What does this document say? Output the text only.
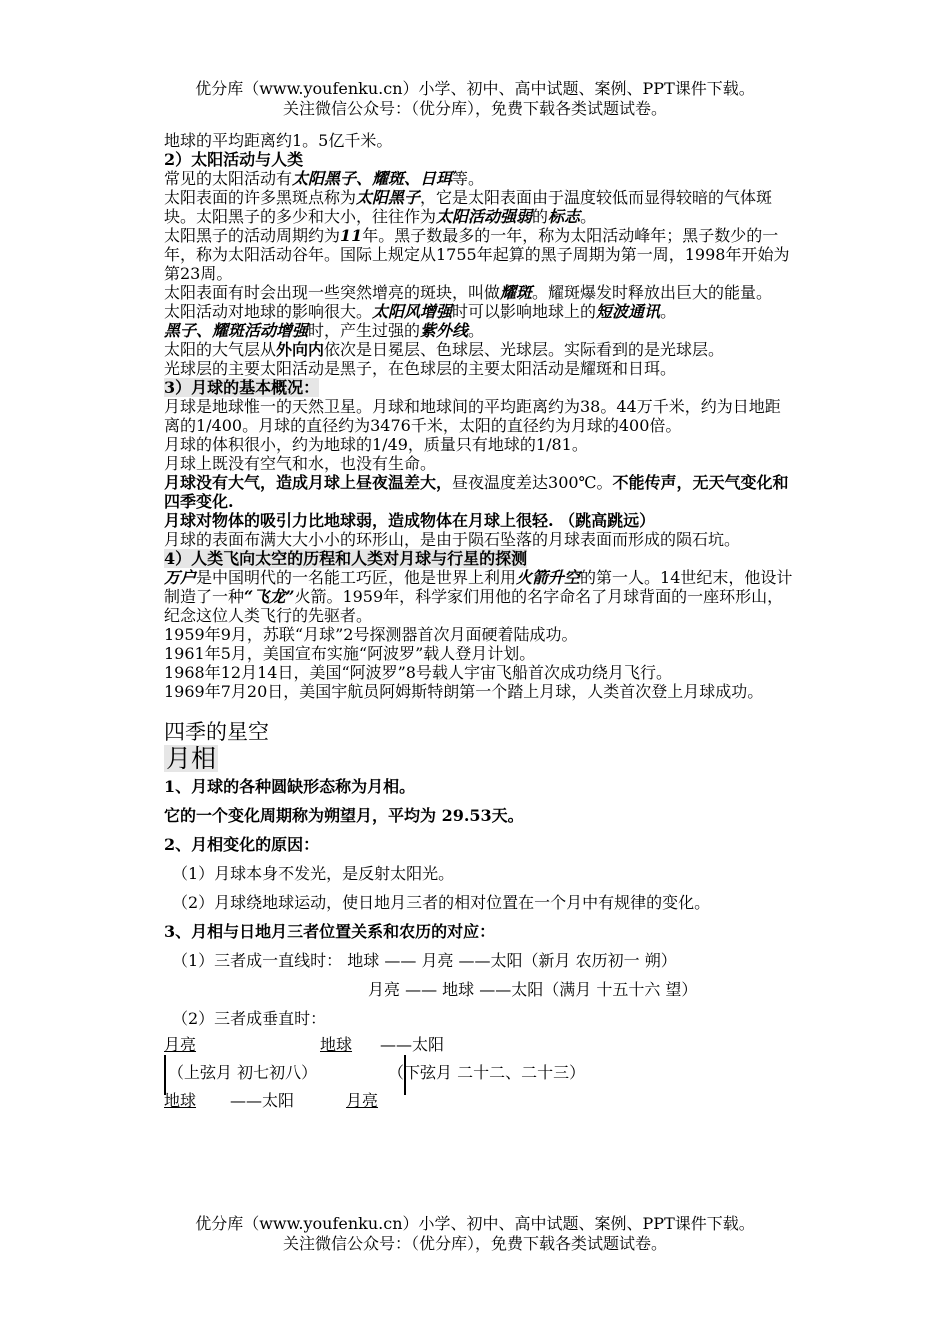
优分库（www.youfenku.cn）小学、初中、高中试题、案例、PPT课件下载。
关注微信公众号：（优分库），免费下载各类试题试卷。

地球的平均距离约1。5亿千米。

2）太阳活动与人类

常见的太阳活动有太阳黑子、耀斑、日珥等。

太阳表面的许多黑斑点称为太阳黑子，它是太阳表面由于温度较低而显得较暗的气体斑块。太阳黑子的多少和大小，往往作为太阳活动强弱的标志。

太阳黑子的活动周期约为11年。黑子数最多的一年，称为太阳活动峰年；黑子数少的一年，称为太阳活动谷年。国际上规定从1755年起算的黑子周期为第一周，1998年开始为第23周。

太阳表面有时会出现一些突然增亮的斑块，叫做耀斑。耀斑爆发时释放出巨大的能量。

太阳活动对地球的影响很大。太阳风增强时可以影响地球上的短波通讯。

黑子、耀斑活动增强时，产生过强的紫外线。

太阳的大气层从外向内依次是日冕层、色球层、光球层。实际看到的是光球层。

光球层的主要太阳活动是黑子，在色球层的主要太阳活动是耀斑和日珥。

3）月球的基本概况：

月球是地球惟一的天然卫星。月球和地球间的平均距离约为38。44万千米，约为日地距离的1/400。月球的直径约为3476千米，太阳的直径约为月球的400倍。

月球的体积很小，约为地球的1/49，质量只有地球的1/81。

月球上既没有空气和水，也没有生命。

月球没有大气，造成月球上昼夜温差大，昼夜温度差达300℃。不能传声，无天气变化和四季变化.

月球对物体的吸引力比地球弱，造成物体在月球上很轻. （跳高跳远）

月球的表面布满大大小小的环形山，是由于陨石坠落的月球表面而形成的陨石坑。

4）人类飞向太空的历程和人类对月球与行星的探测

万户是中国明代的一名能工巧匠，他是世界上利用火箭升空的第一人。14世纪末，他设计制造了一种“飞龙”火箭。1959年，科学家们用他的名字命名了月球背面的一座环形山，纪念这位人类飞行的先驱者。

1959年9月，苏联“月球”2号探测器首次月面硬着陆成功。

1961年5月，美国宣布实施“阿波罗”载人登月计划。

1968年12月14日，美国“阿波罗”8号载人宇宙飞船首次成功绕月飞行。

1969年7月20日，美国宇航员阿姆斯特朗第一个踏上月球，人类首次登上月球成功。

四季的星空

月相

1、月球的各种圆缺形态称为月相。

它的一个变化周期称为朔望月，平均为 29.53天。

2、月相变化的原因：

（1）月球本身不发光，是反射太阳光。

（2）月球绕地球运动，使日地月三者的相对位置在一个月中有规律的变化。

3、月相与日地月三者位置关系和农历的对应：

（1）三者成一直线时： 地球 —— 月亮 ——太阳（新月 农历初一 朔）

月亮 —— 地球 ——太阳（满月 十五十六 望）

（2）三者成垂直时：

月亮	地球 ——太阳
（上弦月 初七初八）	（下弦月 二十二、二十三）
地球 ——太阳	月亮
优分库（www.youfenku.cn）小学、初中、高中试题、案例、PPT课件下载。
关注微信公众号：（优分库），免费下载各类试题试卷。
